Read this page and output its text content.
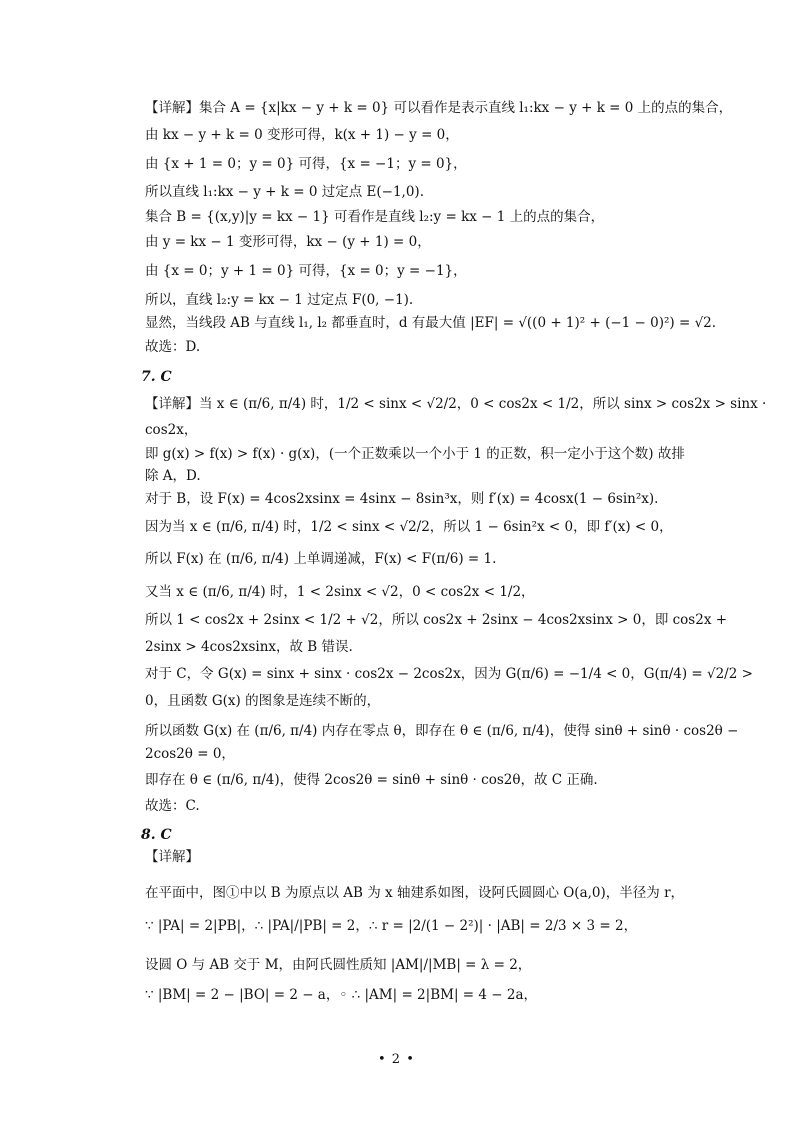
【详解】集合 A = {x|kx − y + k = 0} 可以看作是表示直线 l₁:kx − y + k = 0 上的点的集合，
由 kx − y + k = 0 变形可得，k(x + 1) − y = 0，
由 {x + 1 = 0；y = 0} 可得，{x = −1；y = 0}，
所以直线 l₁:kx − y + k = 0 过定点 E(−1,0).
集合 B = {(x,y)|y = kx − 1} 可看作是直线 l₂:y = kx − 1 上的点的集合，
由 y = kx − 1 变形可得，kx − (y + 1) = 0，
由 {x = 0；y + 1 = 0} 可得，{x = 0；y = −1}，
所以，直线 l₂:y = kx − 1 过定点 F(0, −1).
显然，当线段 AB 与直线 l₁, l₂ 都垂直时，d 有最大值 |EF| = √((0 + 1)² + (−1 − 0)²) = √2.
故选：D.
7. C
【详解】当 x ∈ (π/6, π/4) 时，1/2 < sinx < √2/2，0 < cos2x < 1/2，所以 sinx > cos2x > sinx ·
cos2x，
即 g(x) > f(x) > f(x) · g(x)，(一个正数乘以一个小于 1 的正数，积一定小于这个数) 故排
除 A，D.
对于 B，设 F(x) = 4cos2xsinx = 4sinx − 8sin³x，则 f′(x) = 4cosx(1 − 6sin²x).
因为当 x ∈ (π/6, π/4) 时，1/2 < sinx < √2/2，所以 1 − 6sin²x < 0，即 f′(x) < 0，
所以 F(x) 在 (π/6, π/4) 上单调递减，F(x) < F(π/6) = 1.
又当 x ∈ (π/6, π/4) 时，1 < 2sinx < √2，0 < cos2x < 1/2，
所以 1 < cos2x + 2sinx < 1/2 + √2，所以 cos2x + 2sinx − 4cos2xsinx > 0，即 cos2x +
2sinx > 4cos2xsinx，故 B 错误.
对于 C，令 G(x) = sinx + sinx · cos2x − 2cos2x，因为 G(π/6) = −1/4 < 0，G(π/4) = √2/2 >
0，且函数 G(x) 的图象是连续不断的，
所以函数 G(x) 在 (π/6, π/4) 内存在零点 θ，即存在 θ ∈ (π/6, π/4)，使得 sinθ + sinθ · cos2θ −
2cos2θ = 0，
即存在 θ ∈ (π/6, π/4)，使得 2cos2θ = sinθ + sinθ · cos2θ，故 C 正确.
故选：C.
8. C
【详解】
在平面中，图①中以 B 为原点以 AB 为 x 轴建系如图，设阿氏圆圆心 O(a,0)，半径为 r，
∵ |PA| = 2|PB|，∴ |PA|/|PB| = 2，∴ r = |2/(1 − 2²)| · |AB| = 2/3 × 3 = 2，
设圆 O 与 AB 交于 M，由阿氏圆性质知 |AM|/|MB| = λ = 2，
∵ |BM| = 2 − |BO| = 2 − a，◦ ∴ |AM| = 2|BM| = 4 − 2a，
• 2 •
